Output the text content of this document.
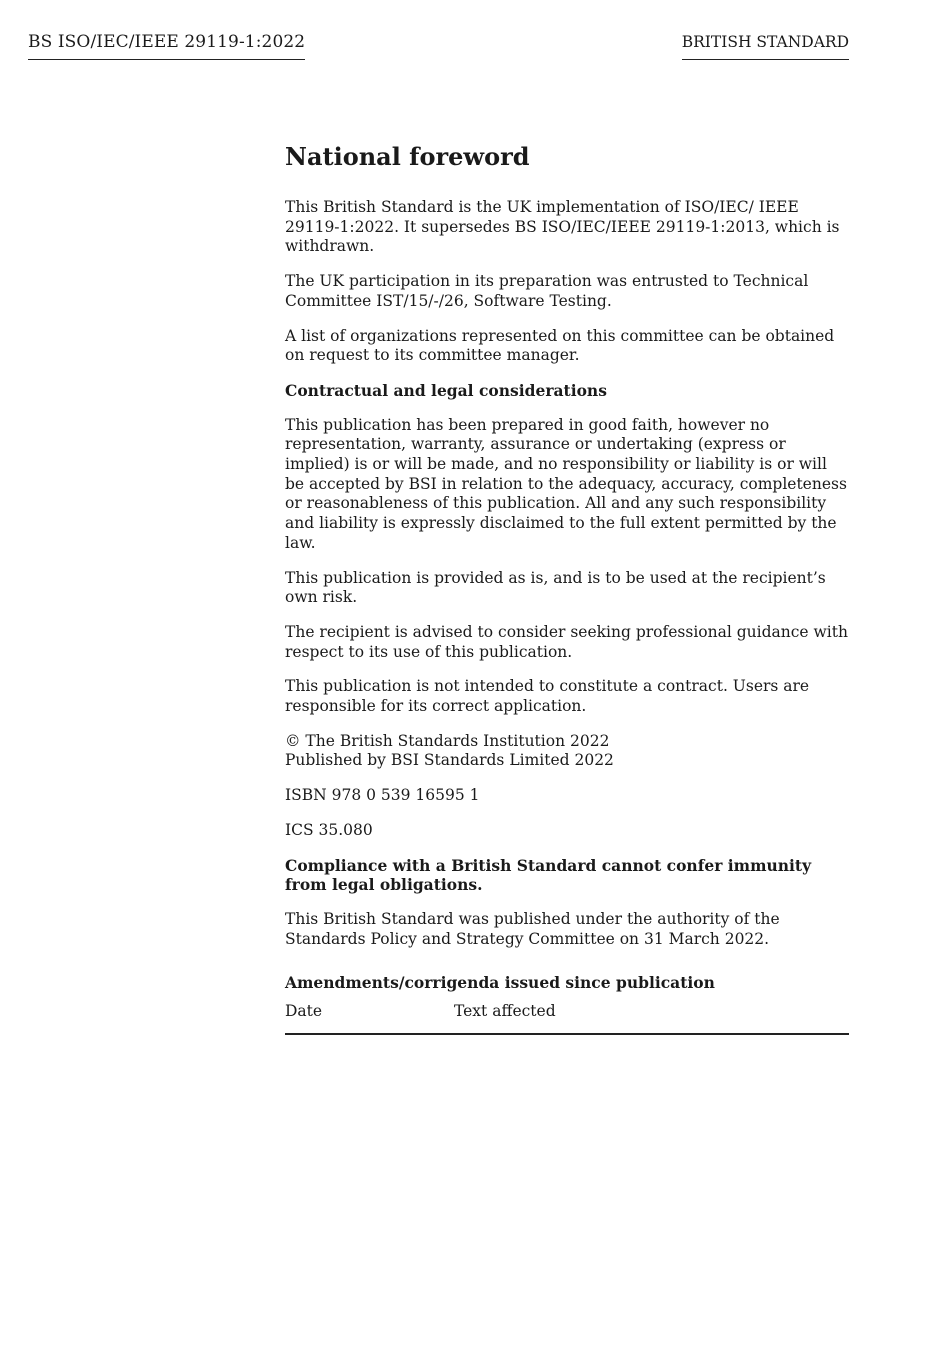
BS ISO/IEC/IEEE 29119-1:2022	BRITISH STANDARD
National foreword

This British Standard is the UK implementation of ISO/IEC/ IEEE 29119-1:2022. It supersedes BS ISO/IEC/IEEE 29119-1:2013, which is withdrawn.

The UK participation in its preparation was entrusted to Technical Committee IST/15/-/26, Software Testing.

A list of organizations represented on this committee can be obtained on request to its committee manager.

Contractual and legal considerations

This publication has been prepared in good faith, however no representation, warranty, assurance or undertaking (express or implied) is or will be made, and no responsibility or liability is or will be accepted by BSI in relation to the adequacy, accuracy, completeness or reasonableness of this publication. All and any such responsibility and liability is expressly disclaimed to the full extent permitted by the law.

This publication is provided as is, and is to be used at the recipient’s own risk.

The recipient is advised to consider seeking professional guidance with respect to its use of this publication.

This publication is not intended to constitute a contract. Users are responsible for its correct application.

© The British Standards Institution 2022
Published by BSI Standards Limited 2022

ISBN 978 0 539 16595 1

ICS 35.080

Compliance with a British Standard cannot confer immunity from legal obligations.

This British Standard was published under the authority of the Standards Policy and Strategy Committee on 31 March 2022.

Amendments/corrigenda issued since publication
Date	Text affected
